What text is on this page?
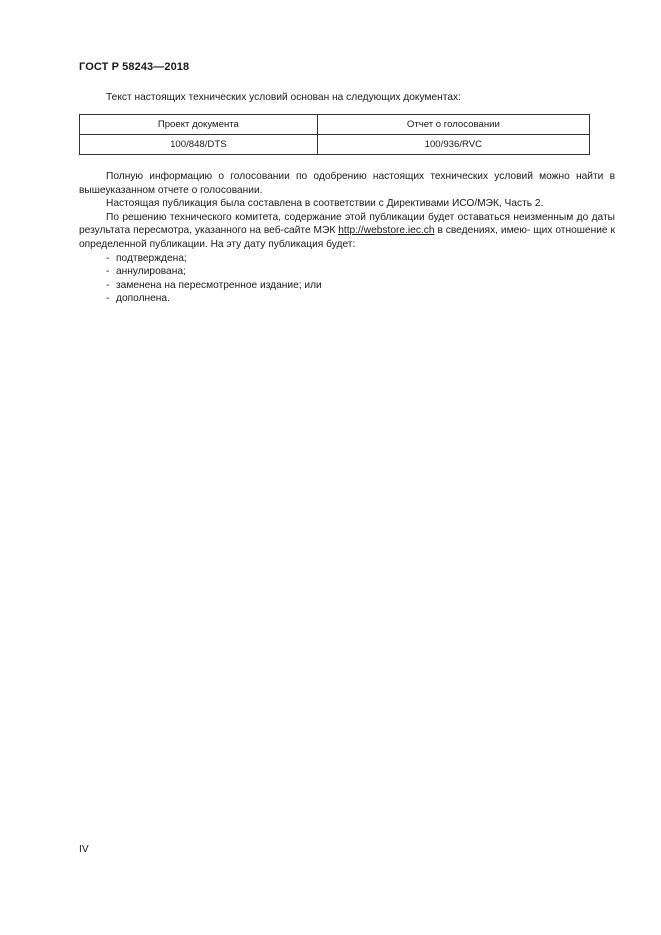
ГОСТ Р 58243—2018
Текст настоящих технических условий основан на следующих документах:
Проект документа	Отчет о голосовании
100/848/DTS	100/936/RVC

Полную информацию о голосовании по одобрению настоящих технических условий можно найти в вышеуказанном отчете о голосовании.

Настоящая публикация была составлена в соответствии с Директивами ИСО/МЭК, Часть 2.

По решению технического комитета, содержание этой публикации будет оставаться неизменным до даты результата пересмотра, указанного на веб-сайте МЭК http://webstore.iec.ch в сведениях, имею- щих отношение к определенной публикации. На эту дату публикация будет:

- подтверждена;
- аннулирована;
- заменена на пересмотренное издание; или
- дополнена.
IV
